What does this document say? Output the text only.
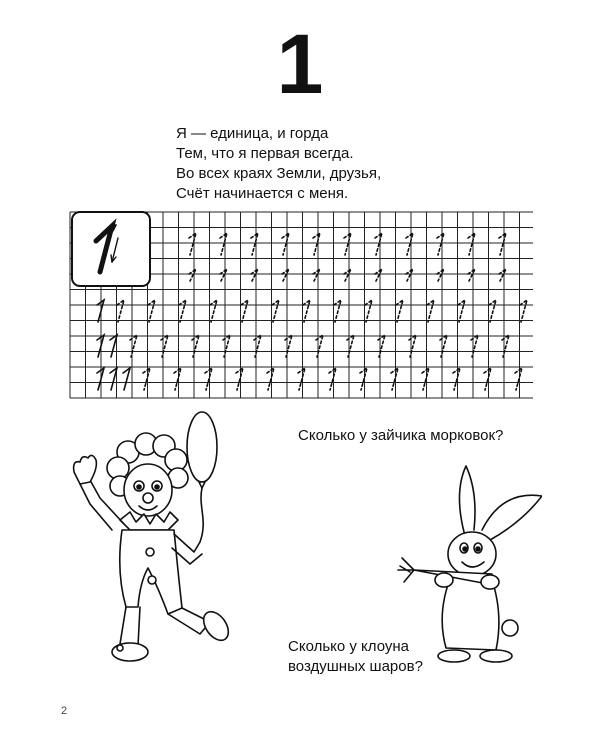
1
Я — единица, и горда
Тем, что я первая всегда.
Во всех краях Земли, друзья,
Счёт начинается с меня.
Сколько у зайчика морковок?
Сколько у клоуна
воздушных шаров?
2
